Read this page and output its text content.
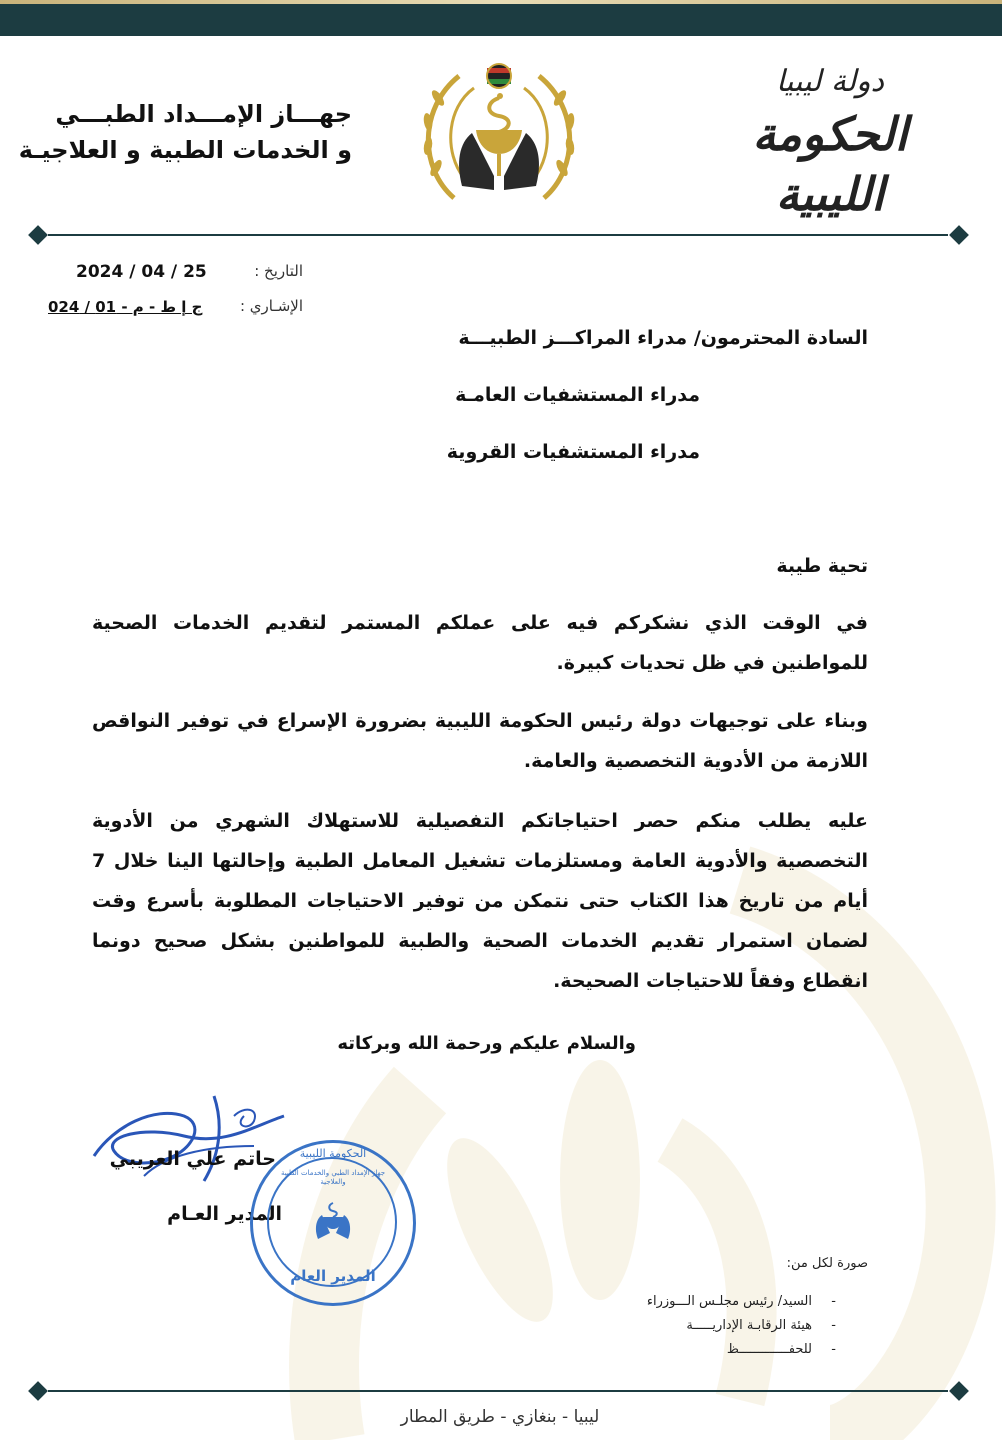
جهـــاز الإمـــداد الطبـــي
و الخدمات الطبية و العلاجيـة
دولة ليبيا
الحكومة الليبية
التاريخ :
2024 / 04 / 25
الإشـاري :
ج إ ط - م - 01 / 024
السادة المحترمون/ مدراء المراكـــز الطبيـــة
مدراء المستشفيات العامـة
مدراء المستشفيات القروية
تحية طيبة
في الوقت الذي نشكركم فيه على عملكم المستمر لتقديم الخدمات الصحية للمواطنين في ظل تحديات كبيرة.
وبناء على توجيهات دولة رئيس الحكومة الليبية بضرورة الإسراع في توفير النواقص اللازمة من الأدوية التخصصية والعامة.
عليه يطلب منكم حصر احتياجاتكم التفصيلية للاستهلاك الشهري من الأدوية التخصصية والأدوية العامة ومستلزمات تشغيل المعامل الطبية وإحالتها الينا خلال 7 أيام من تاريخ هذا الكتاب حتى نتمكن من توفير الاحتياجات المطلوبة بأسرع وقت لضمان استمرار تقديم الخدمات الصحية والطبية للمواطنين بشكل صحيح دونما انقطاع وفقاً للاحتياجات الصحيحة.
والسلام عليكم ورحمة الله وبركاته
حاتم علي العريبي
المدير العـام
الحكومة الليبية
جهاز الإمداد الطبي والخدمات الطبية والعلاجية
المدير العام
صورة لكل من:
-
السيد/ رئيس مجلـس الـــوزراء
-
هيئة الرقابـة الإداريـــــة
-
للحفـــــــــــــظ
ليبيا - بنغازي - طريق المطار
